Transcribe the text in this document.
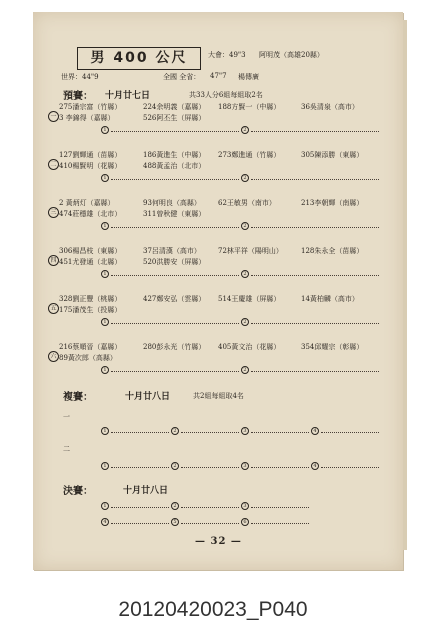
男 400 公尺	大會：49"3 阿明茂（高雄20縣）
世界：44"9	全國 全省： 47"7 楊傳廣
預賽： 十月廿七日	共33人分6組每組取2名
一
275潘宗富（竹縣）	224余明義（嘉縣） 188方賢一（中縣）	36吳清泉（高市）
3 李錦得（嘉縣）	526阿丕生（屏縣）
1	2
二
127劉輝通（苗縣）	186黃進生（中縣） 273鄭進通（竹縣）	305陳添勝（東縣）
410楊賢明（花縣）	488黃孟治（北市）
1	2
三
2 黃炳灯（嘉縣）	93何明良（高縣） 62王敏男（南市）	213李朝輝（南縣）
474莊穩雄（北市）	311曾秋健（東縣）
1	2
四
306楊昌枝（東縣）	37呂清漢（高市） 72林平祥（陽明山）	128朱永全（苗縣）
451尤發通（北縣）	520洪勝安（屏縣）
1	2
五
328劉正豐（桃縣）	427鄭安弘（雲縣） 514王慶雄（屏縣）	14黃柏麟（高市）
175潘茂生（投縣）
1	2
六
216蔡順晉（嘉縣）	280彭永光（竹縣） 405黃文治（花縣）	354邱耀宗（彰縣）
89黃次郎（高縣）
1	2
複賽：	十月廿八日	共2組每組取4名
一
1	2	3	4
二
1	2	3	4
決賽：	十月廿八日
1	2	3
4	5	6
— 32 —
20120420023_P040
